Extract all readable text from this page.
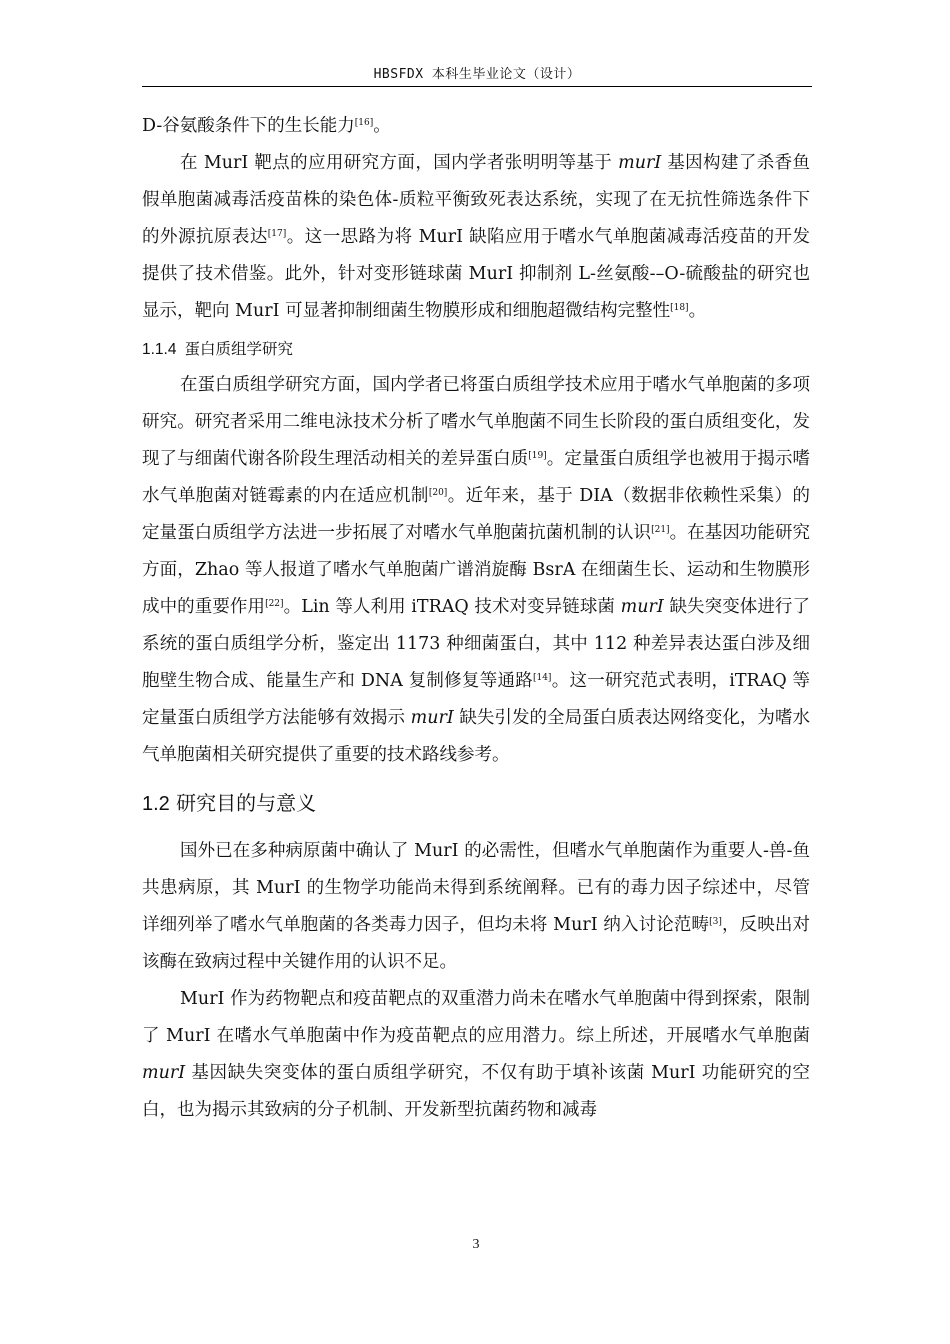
HBSFDX 本科生毕业论文（设计）

D-谷氨酸条件下的生长能力[16]。

在 MurI 靶点的应用研究方面，国内学者张明明等基于 murI 基因构建了杀香鱼假单胞菌减毒活疫苗株的染色体-质粒平衡致死表达系统，实现了在无抗性筛选条件下的外源抗原表达[17]。这一思路为将 MurI 缺陷应用于嗜水气单胞菌减毒活疫苗的开发提供了技术借鉴。此外，针对变形链球菌 MurI 抑制剂 L-丝氨酸-–O-硫酸盐的研究也显示，靶向 MurI 可显著抑制细菌生物膜形成和细胞超微结构完整性[18]。

1.1.4 蛋白质组学研究

在蛋白质组学研究方面，国内学者已将蛋白质组学技术应用于嗜水气单胞菌的多项研究。研究者采用二维电泳技术分析了嗜水气单胞菌不同生长阶段的蛋白质组变化，发现了与细菌代谢各阶段生理活动相关的差异蛋白质[19]。定量蛋白质组学也被用于揭示嗜水气单胞菌对链霉素的内在适应机制[20]。近年来，基于 DIA（数据非依赖性采集）的定量蛋白质组学方法进一步拓展了对嗜水气单胞菌抗菌机制的认识[21]。在基因功能研究方面，Zhao 等人报道了嗜水气单胞菌广谱消旋酶 BsrA 在细菌生长、运动和生物膜形成中的重要作用[22]。Lin 等人利用 iTRAQ 技术对变异链球菌 murI 缺失突变体进行了系统的蛋白质组学分析，鉴定出 1173 种细菌蛋白，其中 112 种差异表达蛋白涉及细胞壁生物合成、能量生产和 DNA 复制修复等通路[14]。这一研究范式表明，iTRAQ 等定量蛋白质组学方法能够有效揭示 murI 缺失引发的全局蛋白质表达网络变化，为嗜水气单胞菌相关研究提供了重要的技术路线参考。

1.2 研究目的与意义

国外已在多种病原菌中确认了 MurI 的必需性，但嗜水气单胞菌作为重要人-兽-鱼共患病原，其 MurI 的生物学功能尚未得到系统阐释。已有的毒力因子综述中，尽管详细列举了嗜水气单胞菌的各类毒力因子，但均未将 MurI 纳入讨论范畴[3]，反映出对该酶在致病过程中关键作用的认识不足。

MurI 作为药物靶点和疫苗靶点的双重潜力尚未在嗜水气单胞菌中得到探索，限制了 MurI 在嗜水气单胞菌中作为疫苗靶点的应用潜力。综上所述，开展嗜水气单胞菌 murI 基因缺失突变体的蛋白质组学研究，不仅有助于填补该菌 MurI 功能研究的空白，也为揭示其致病的分子机制、开发新型抗菌药物和减毒

3
